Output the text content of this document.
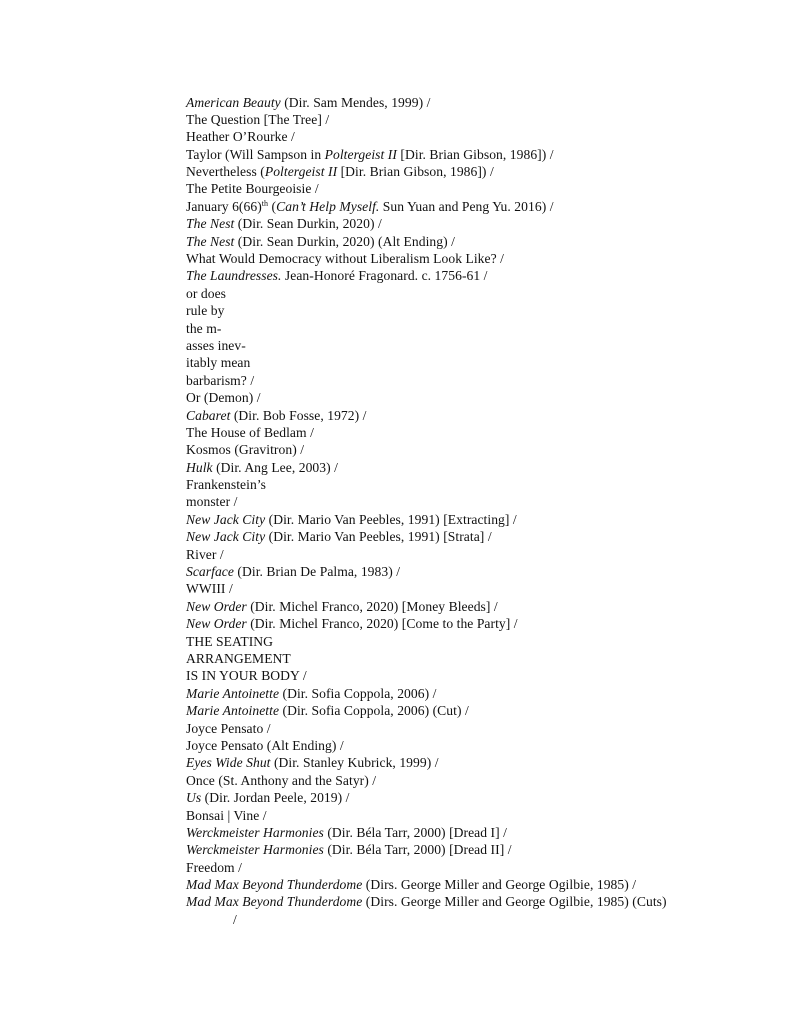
American Beauty (Dir. Sam Mendes, 1999) /
The Question [The Tree] /
Heather O’Rourke /
Taylor (Will Sampson in Poltergeist II [Dir. Brian Gibson, 1986]) /
Nevertheless (Poltergeist II [Dir. Brian Gibson, 1986]) /
The Petite Bourgeoisie /
January $6(66)^{th}$ (Can’t Help Myself. Sun Yuan and Peng Yu. 2016) /
The Nest (Dir. Sean Durkin, 2020) /
The Nest (Dir. Sean Durkin, 2020) (Alt Ending) /
What Would Democracy without Liberalism Look Like? /
The Laundresses. Jean-Honoré Fragonard. c. 1756-61 /
or does
rule by
the m-
asses inev-
itably mean
barbarism? /
Or (Demon) /
Cabaret (Dir. Bob Fosse, 1972) /
The House of Bedlam /
Kosmos (Gravitron) /
Hulk (Dir. Ang Lee, 2003) /
Frankenstein’s
monster /
New Jack City (Dir. Mario Van Peebles, 1991) [Extracting] /
New Jack City (Dir. Mario Van Peebles, 1991) [Strata] /
River /
Scarface (Dir. Brian De Palma, 1983) /
WWIII /
New Order (Dir. Michel Franco, 2020) [Money Bleeds] /
New Order (Dir. Michel Franco, 2020) [Come to the Party] /
THE SEATING
ARRANGEMENT
IS IN YOUR BODY /
Marie Antoinette (Dir. Sofia Coppola, 2006) /
Marie Antoinette (Dir. Sofia Coppola, 2006) (Cut) /
Joyce Pensato /
Joyce Pensato (Alt Ending) /
Eyes Wide Shut (Dir. Stanley Kubrick, 1999) /
Once (St. Anthony and the Satyr) /
Us (Dir. Jordan Peele, 2019) /
Bonsai | Vine /
Werckmeister Harmonies (Dir. Béla Tarr, 2000) [Dread I] /
Werckmeister Harmonies (Dir. Béla Tarr, 2000) [Dread II] /
Freedom /
Mad Max Beyond Thunderdome (Dirs. George Miller and George Ogilbie, 1985) /
Mad Max Beyond Thunderdome (Dirs. George Miller and George Ogilbie, 1985) (Cuts)
/
